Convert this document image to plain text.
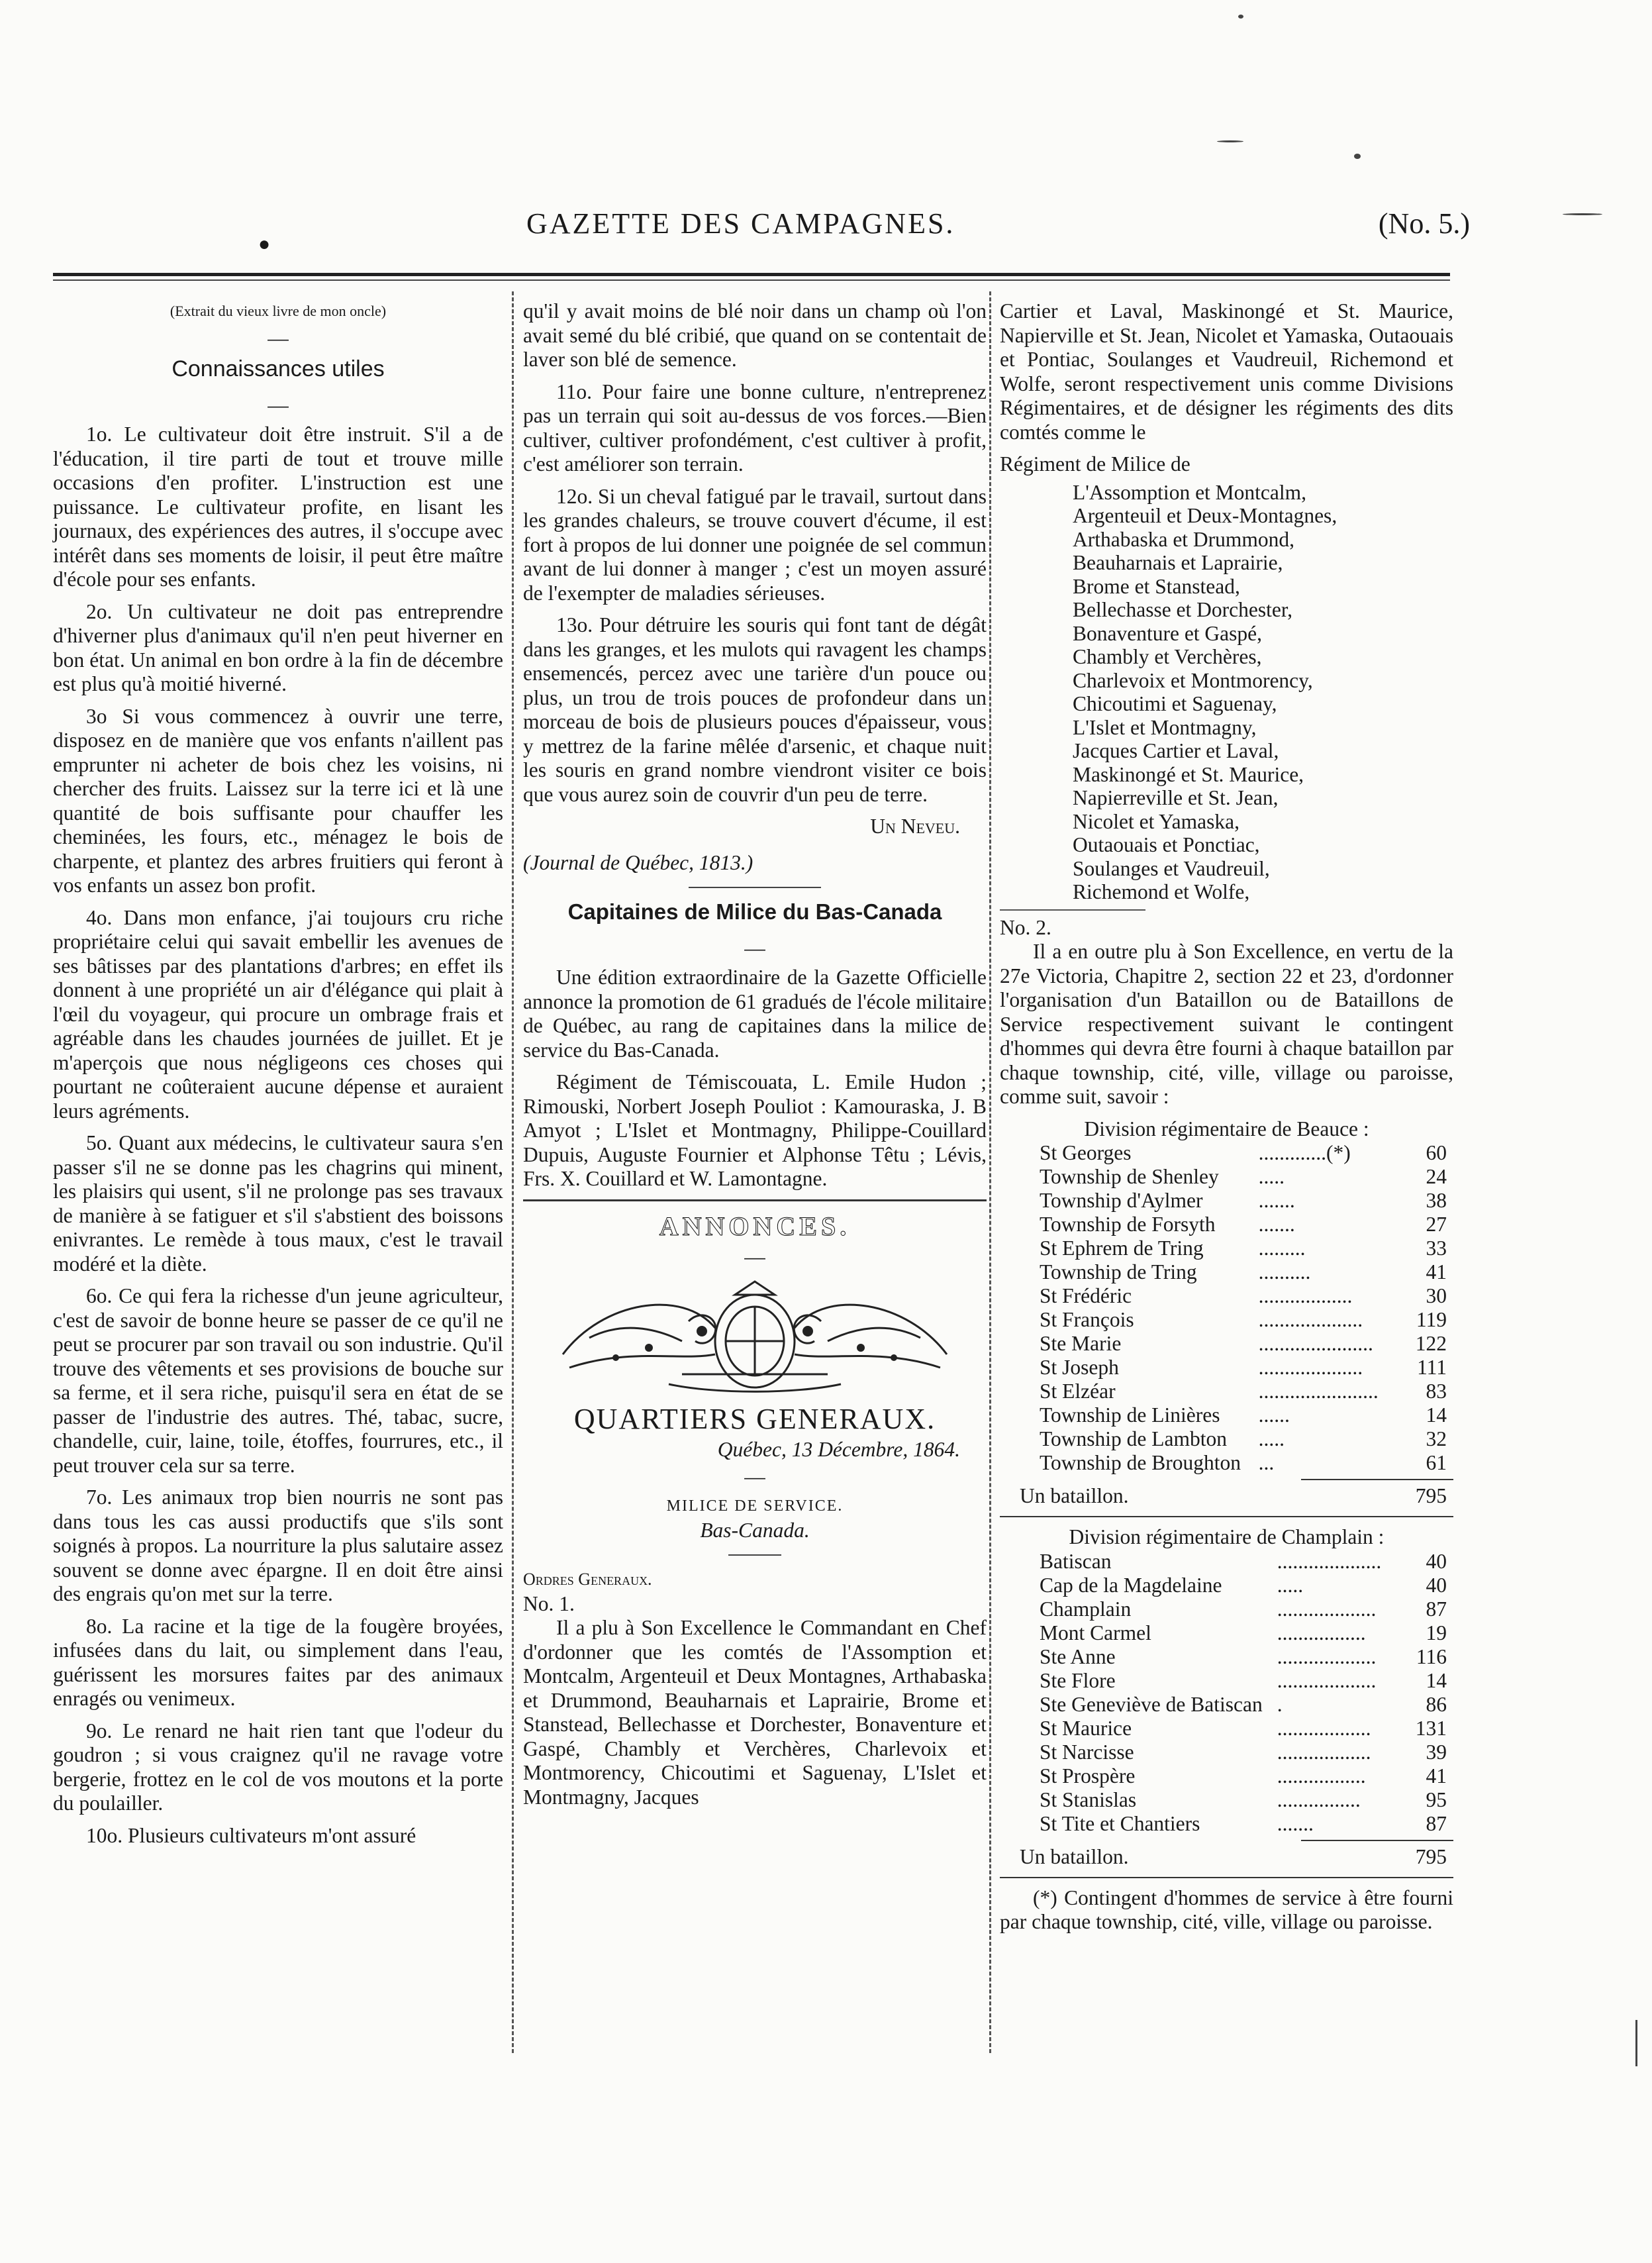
●
GAZETTE DES CAMPAGNES.	(No. 5.)
(Extrait du vieux livre de mon oncle)
—
Connaissances utiles
—

1o. Le cultivateur doit être instruit. S'il a de l'éducation, il tire parti de tout et trouve mille occasions d'en profiter. L'instruction est une puissance. Le cultivateur profite, en lisant les journaux, des expériences des autres, il s'occupe avec intérêt dans ses moments de loisir, il peut être maître d'école pour ses enfants.

2o. Un cultivateur ne doit pas entreprendre d'hiverner plus d'animaux qu'il n'en peut hiverner en bon état. Un animal en bon ordre à la fin de décembre est plus qu'à moitié hiverné.

3o Si vous commencez à ouvrir une terre, disposez en de manière que vos enfants n'aillent pas emprunter ni acheter de bois chez les voisins, ni chercher des fruits. Laissez sur la terre ici et là une quantité de bois suffisante pour chauffer les cheminées, les fours, etc., ménagez le bois de charpente, et plantez des arbres fruitiers qui feront à vos enfants un assez bon profit.

4o. Dans mon enfance, j'ai toujours cru riche propriétaire celui qui savait embellir les avenues de ses bâtisses par des plantations d'arbres; en effet ils donnent à une propriété un air d'élégance qui plait à l'œil du voyageur, qui procure un ombrage frais et agréable dans les chaudes journées de juillet. Et je m'aperçois que nous négligeons ces choses qui pourtant ne coûteraient aucune dépense et auraient leurs agréments.

5o. Quant aux médecins, le cultivateur saura s'en passer s'il ne se donne pas les chagrins qui minent, les plaisirs qui usent, s'il ne prolonge pas ses travaux de manière à se fatiguer et s'il s'abstient des boissons enivrantes. Le remède à tous maux, c'est le travail modéré et la diète.

6o. Ce qui fera la richesse d'un jeune agriculteur, c'est de savoir de bonne heure se passer de ce qu'il ne peut se procurer par son travail ou son industrie. Qu'il trouve des vêtements et ses provisions de bouche sur sa ferme, et il sera riche, puisqu'il sera en état de se passer de l'industrie des autres. Thé, tabac, sucre, chandelle, cuir, laine, toile, étoffes, fourrures, etc., il peut trouver cela sur sa terre.

7o. Les animaux trop bien nourris ne sont pas dans tous les cas aussi productifs que s'ils sont soignés à propos. La nourriture la plus salutaire assez souvent se donne avec épargne. Il en doit être ainsi des engrais qu'on met sur la terre.

8o. La racine et la tige de la fougère broyées, infusées dans du lait, ou simplement dans l'eau, guérissent les morsures faites par des animaux enragés ou venimeux.

9o. Le renard ne hait rien tant que l'odeur du goudron ; si vous craignez qu'il ne ravage votre bergerie, frottez en le col de vos moutons et la porte du poulailler.

10o. Plusieurs cultivateurs m'ont assuré

qu'il y avait moins de blé noir dans un champ où l'on avait semé du blé cribié, que quand on se contentait de laver son blé de semence.

11o. Pour faire une bonne culture, n'entreprenez pas un terrain qui soit au-dessus de vos forces.—Bien cultiver, cultiver profondément, c'est cultiver à profit, c'est améliorer son terrain.

12o. Si un cheval fatigué par le travail, surtout dans les grandes chaleurs, se trouve couvert d'écume, il est fort à propos de lui donner une poignée de sel commun avant de lui donner à manger ; c'est un moyen assuré de l'exempter de maladies sérieuses.

13o. Pour détruire les souris qui font tant de dégât dans les granges, et les mulots qui ravagent les champs ensemencés, percez avec une tarière d'un pouce ou plus, un trou de trois pouces de profondeur dans un morceau de bois de plusieurs pouces d'épaisseur, vous y mettrez de la farine mêlée d'arsenic, et chaque nuit les souris en grand nombre viendront visiter ce bois que vous aurez soin de couvrir d'un peu de terre.

Un Neveu.
(Journal de Québec, 1813.)
Capitaines de Milice du Bas-Canada
—

Une édition extraordinaire de la Gazette Officielle annonce la promotion de 61 gradués de l'école militaire de Québec, au rang de capitaines dans la milice de service du Bas-Canada.

Régiment de Témiscouata, L. Emile Hudon ; Rimouski, Norbert Joseph Pouliot : Kamouraska, J. B Amyot ; L'Islet et Montmagny, Philippe-Couillard Dupuis, Auguste Fournier et Alphonse Têtu ; Lévis, Frs. X. Couillard et W. Lamontagne.

ANNONCES.
—
QUARTIERS GENERAUX.
Québec, 13 Décembre, 1864.
—
MILICE DE SERVICE.
Bas-Canada.
Ordres Generaux.
No. 1.

Il a plu à Son Excellence le Commandant en Chef d'ordonner que les comtés de l'Assomption et Montcalm, Argenteuil et Deux Montagnes, Arthabaska et Drummond, Beauharnais et Laprairie, Brome et Stanstead, Bellechasse et Dorchester, Bonaventure et Gaspé, Chambly et Verchères, Charlevoix et Montmorency, Chicoutimi et Saguenay, L'Islet et Montmagny, Jacques

Cartier et Laval, Maskinongé et St. Maurice, Napierville et St. Jean, Nicolet et Yamaska, Outaouais et Pontiac, Soulanges et Vaudreuil, Richemond et Wolfe, seront respectivement unis comme Divisions Régimentaires, et de désigner les régiments des dits comtés comme le

Régiment de Milice de
L'Assomption et Montcalm,
Argenteuil et Deux-Montagnes,
Arthabaska et Drummond,
Beauharnais et Laprairie,
Brome et Stanstead,
Bellechasse et Dorchester,
Bonaventure et Gaspé,
Chambly et Verchères,
Charlevoix et Montmorency,
Chicoutimi et Saguenay,
L'Islet et Montmagny,
Jacques Cartier et Laval,
Maskinongé et St. Maurice,
Napierreville et St. Jean,
Nicolet et Yamaska,
Outaouais et Ponctiac,
Soulanges et Vaudreuil,
Richemond et Wolfe,
No. 2.

Il a en outre plu à Son Excellence, en vertu de la 27e Victoria, Chapitre 2, section 22 et 23, d'ordonner l'organisation d'un Bataillon ou de Bataillons de Service respectivement suivant le contingent d'hommes qui devra être fourni à chaque bataillon par chaque township, cité, ville, village ou paroisse, comme suit, savoir :

Division régimentaire de Beauce :
St Georges	.............(*)	60
Township de Shenley	.....	24
Township d'Aylmer	.......	38
Township de Forsyth	.......	27
St Ephrem de Tring	.........	33
Township de Tring	..........	41
St Frédéric	..................	30
St François	....................	119
Ste Marie	......................	122
St Joseph	....................	111
St Elzéar	.......................	83
Township de Linières	......	14
Township de Lambton	.....	32
Township de Broughton	...	61
Un bataillon.	795
Division régimentaire de Champlain :
Batiscan	....................	40
Cap de la Magdelaine	.....	40
Champlain	...................	87
Mont Carmel	.................	19
Ste Anne	...................	116
Ste Flore	...................	14
Ste Geneviève de Batiscan	.	86
St Maurice	..................	131
St Narcisse	..................	39
St Prospère	.................	41
St Stanislas	................	95
St Tite et Chantiers	.......	87
Un bataillon.	795

(*) Contingent d'hommes de service à être fourni par chaque township, cité, ville, village ou paroisse.
